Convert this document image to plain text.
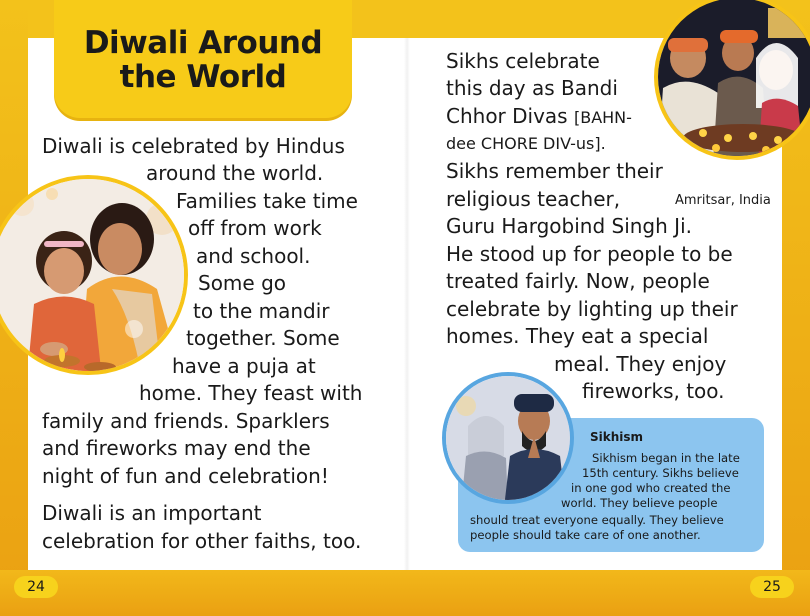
Diwali Around
the World
Diwali is celebrated by Hindus
around the world.
Families take time
off from work
and school.
Some go
to the mandir
together. Some
have a puja at
home. They feast with
family and friends. Sparklers
and fireworks may end the
night of fun and celebration!
Diwali is an important
celebration for other faiths, too.
Amritsar, India
Sikhs celebrate
this day as Bandi
Chhor Divas [BAHN-
dee CHORE DIV-us].
Sikhs remember their
religious teacher,
Guru Hargobind Singh Ji.
He stood up for people to be
treated fairly. Now, people
celebrate by lighting up their
homes. They eat a special
meal. They enjoy
fireworks, too.
Sikhism
Sikhism began in the late
15th century. Sikhs believe
in one god who created the
world. They believe people
should treat everyone equally. They believe
people should take care of one another.
24	25
